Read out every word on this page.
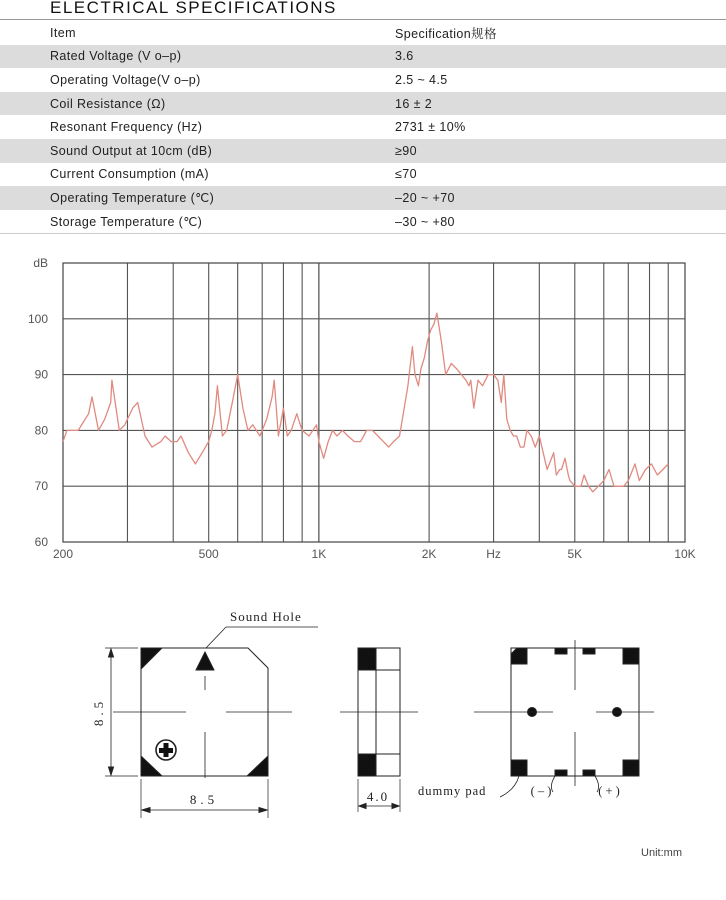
ELECTRICAL SPECIFICATIONS
Item	Specification规格
Rated Voltage (V o–p)	3.6
Operating Voltage(V o–p)	2.5 ~ 4.5
Coil Resistance (Ω)	16 ± 2
Resonant Frequency (Hz)	2731 ± 10%
Sound Output at 10cm (dB)	≥90
Current Consumption (mA)	≤70
Operating Temperature (℃)	–20 ~ +70
Storage Temperature (℃)	–30 ~ +80
60
70
80
90
100
200	500	1K	2K	Hz	5K	10K
dB
Sound Hole
8.5
8.5	4.0 dummy pad	( – )	( + )
Unit:mm
